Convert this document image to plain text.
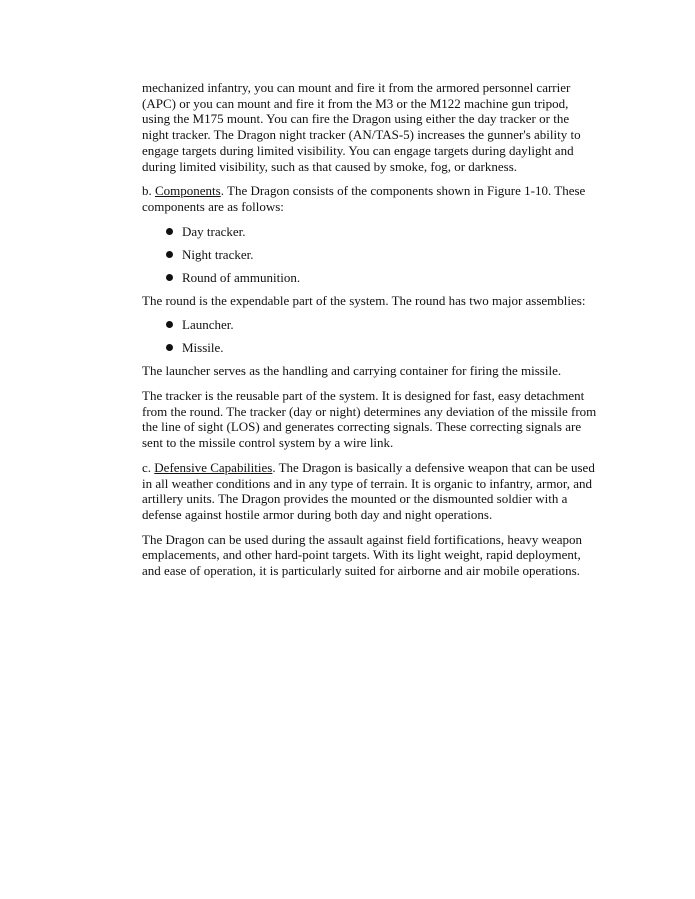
mechanized infantry, you can mount and fire it from the armored personnel carrier (APC) or you can mount and fire it from the M3 or the M122 machine gun tripod, using the M175 mount. You can fire the Dragon using either the day tracker or the night tracker. The Dragon night tracker (AN/TAS-5) increases the gunner's ability to engage targets during limited visibility. You can engage targets during daylight and during limited visibility, such as that caused by smoke, fog, or darkness.

b. Components. The Dragon consists of the components shown in Figure 1-10. These components are as follows:

Day tracker.
Night tracker.
Round of ammunition.

The round is the expendable part of the system. The round has two major assemblies:

Launcher.
Missile.

The launcher serves as the handling and carrying container for firing the missile.

The tracker is the reusable part of the system. It is designed for fast, easy detachment from the round. The tracker (day or night) determines any deviation of the missile from the line of sight (LOS) and generates correcting signals. These correcting signals are sent to the missile control system by a wire link.

c. Defensive Capabilities. The Dragon is basically a defensive weapon that can be used in all weather conditions and in any type of terrain. It is organic to infantry, armor, and artillery units. The Dragon provides the mounted or the dismounted soldier with a defense against hostile armor during both day and night operations.

The Dragon can be used during the assault against field fortifications, heavy weapon emplacements, and other hard-point targets. With its light weight, rapid deployment, and ease of operation, it is particularly suited for airborne and air mobile operations.
